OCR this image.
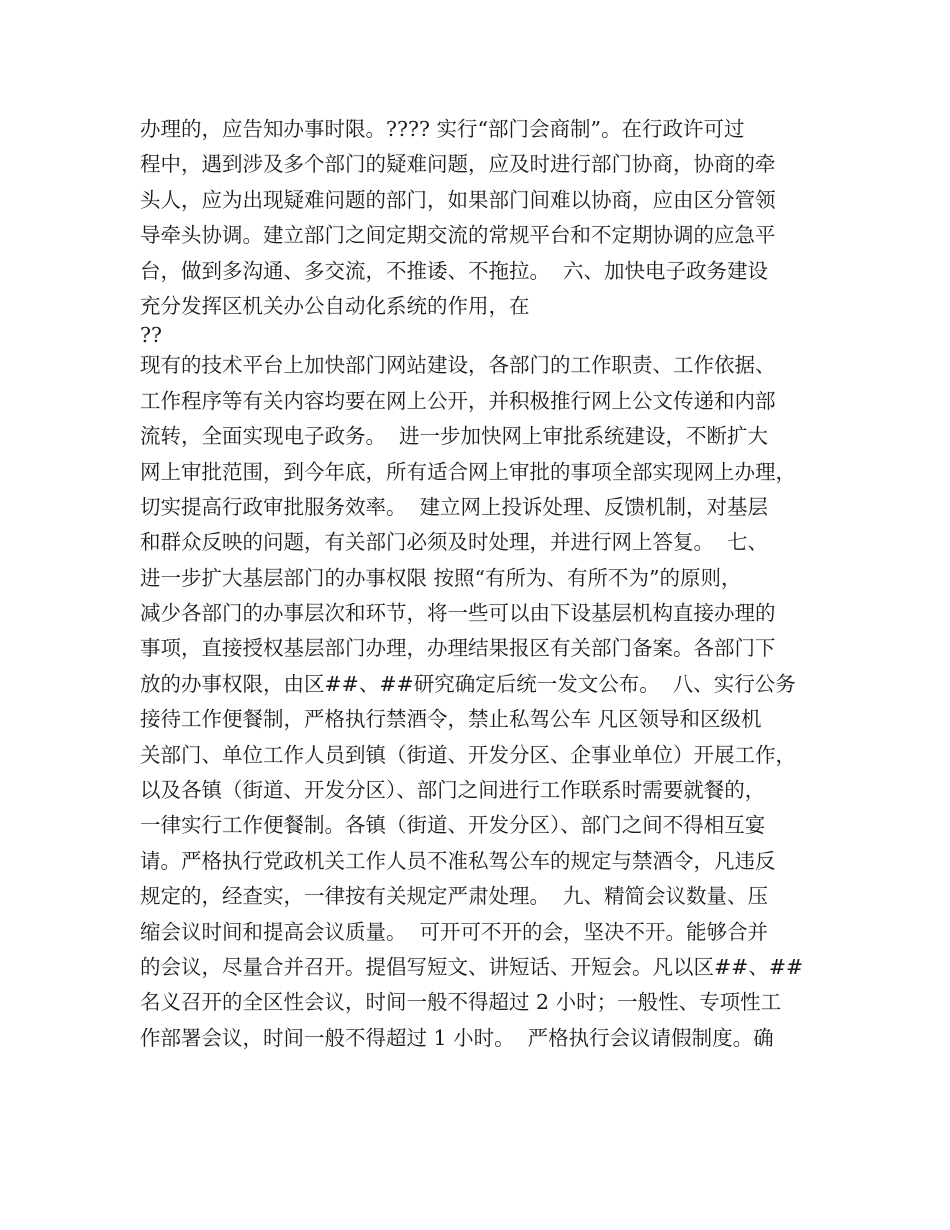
办理的，应告知办事时限。???? 实行“部门会商制”。在行政许可过
程中，遇到涉及多个部门的疑难问题，应及时进行部门协商，协商的牵
头人，应为出现疑难问题的部门，如果部门间难以协商，应由区分管领
导牵头协调。建立部门之间定期交流的常规平台和不定期协调的应急平
台，做到多沟通、多交流，不推诿、不拖拉。  六、加快电子政务建设
充分发挥区机关办公自动化系统的作用，在
??
现有的技术平台上加快部门网站建设，各部门的工作职责、工作依据、
工作程序等有关内容均要在网上公开，并积极推行网上公文传递和内部
流转，全面实现电子政务。  进一步加快网上审批系统建设，不断扩大
网上审批范围，到今年底，所有适合网上审批的事项全部实现网上办理，
切实提高行政审批服务效率。  建立网上投诉处理、反馈机制，对基层
和群众反映的问题，有关部门必须及时处理，并进行网上答复。  七、
进一步扩大基层部门的办事权限 按照“有所为、有所不为”的原则，
减少各部门的办事层次和环节，将一些可以由下设基层机构直接办理的
事项，直接授权基层部门办理，办理结果报区有关部门备案。各部门下
放的办事权限，由区##、##研究确定后统一发文公布。  八、实行公务
接待工作便餐制，严格执行禁酒令，禁止私驾公车 凡区领导和区级机
关部门、单位工作人员到镇（街道、开发分区、企事业单位）开展工作，
以及各镇（街道、开发分区）、部门之间进行工作联系时需要就餐的，
一律实行工作便餐制。各镇（街道、开发分区）、部门之间不得相互宴
请。严格执行党政机关工作人员不准私驾公车的规定与禁酒令，凡违反
规定的，经查实，一律按有关规定严肃处理。  九、精简会议数量、压
缩会议时间和提高会议质量。  可开可不开的会，坚决不开。能够合并
的会议，尽量合并召开。提倡写短文、讲短话、开短会。凡以区##、##
名义召开的全区性会议，时间一般不得超过 2 小时；一般性、专项性工
作部署会议，时间一般不得超过 1 小时。  严格执行会议请假制度。确
